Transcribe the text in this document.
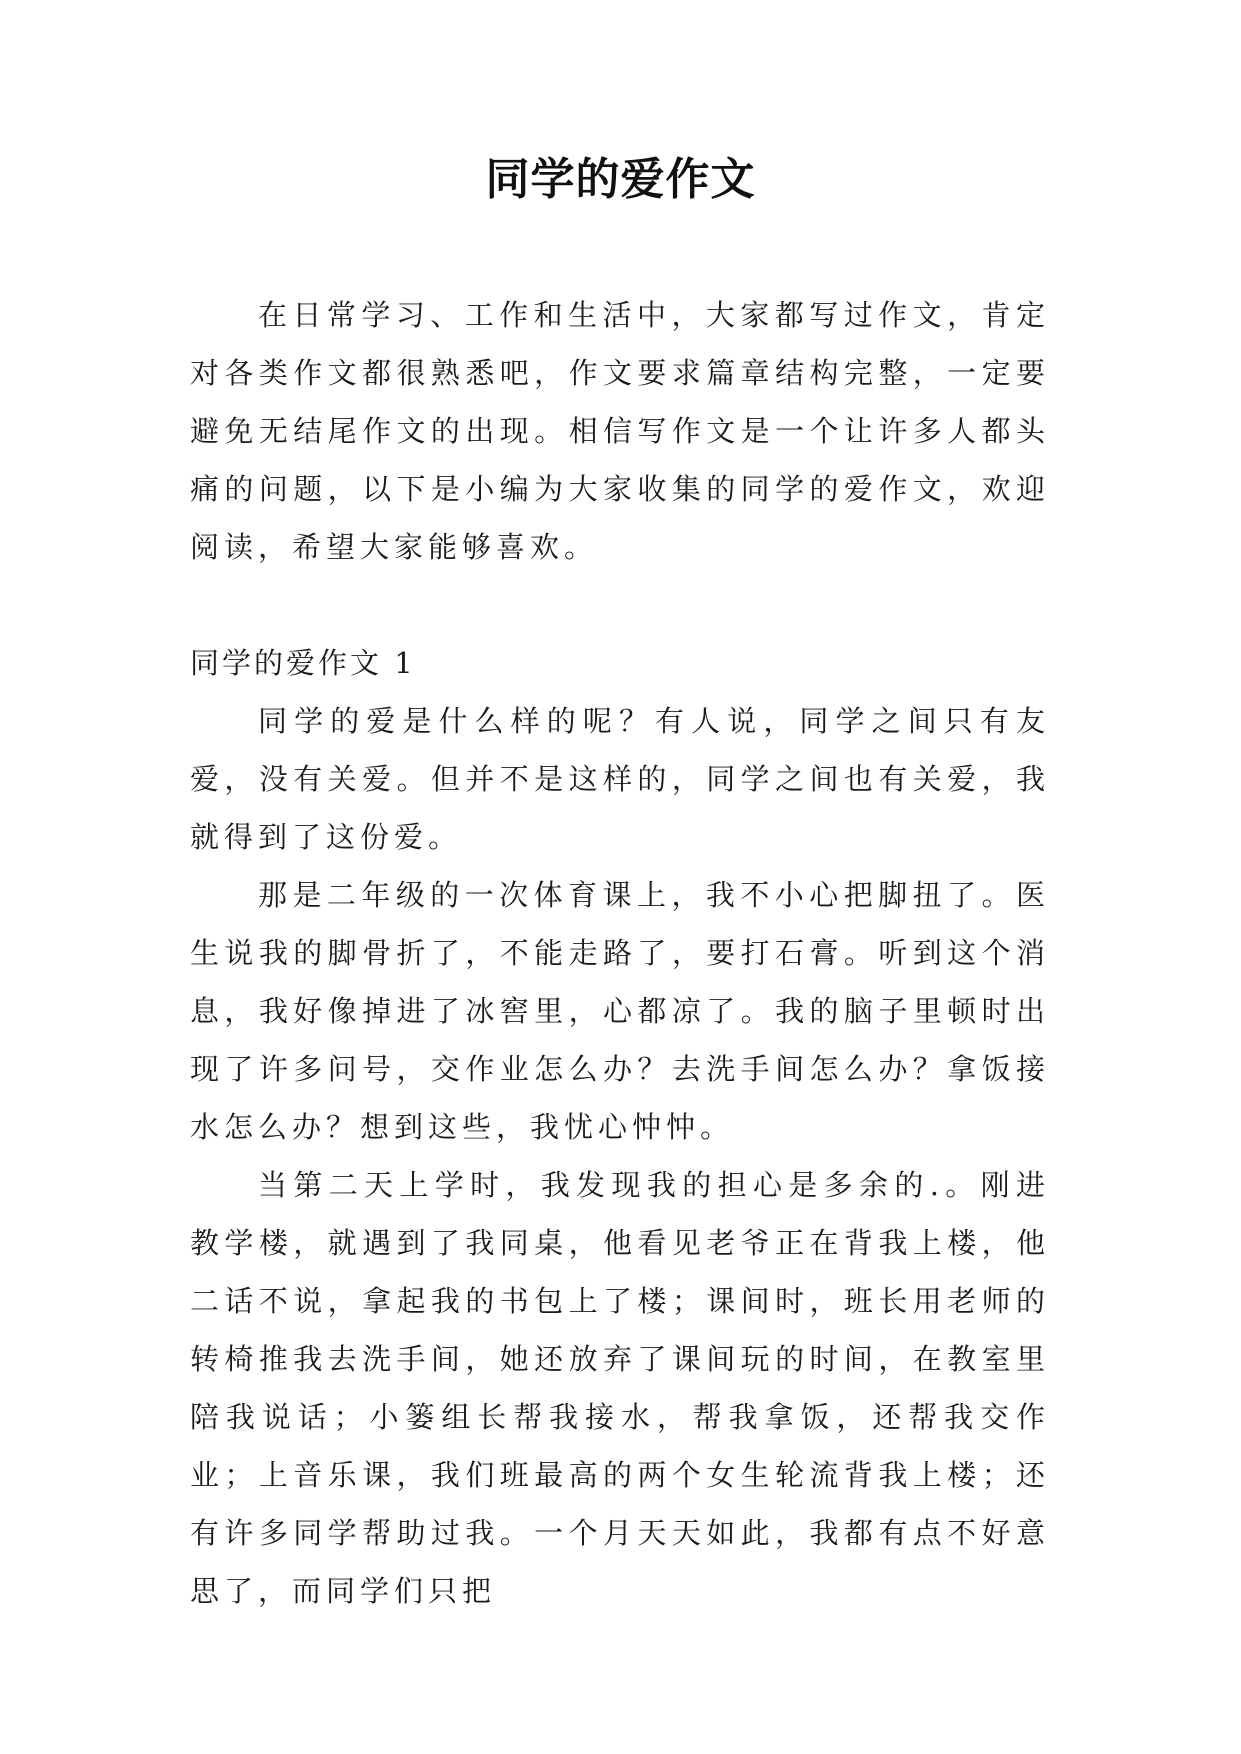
同学的爱作文

在日常学习、工作和生活中，大家都写过作文，肯定对各类作文都很熟悉吧，作文要求篇章结构完整，一定要避免无结尾作文的出现。相信写作文是一个让许多人都头痛的问题，以下是小编为大家收集的同学的爱作文，欢迎阅读，希望大家能够喜欢。

同学的爱作文 1

同学的爱是什么样的呢？有人说，同学之间只有友爱，没有关爱。但并不是这样的，同学之间也有关爱，我就得到了这份爱。

那是二年级的一次体育课上，我不小心把脚扭了。医生说我的脚骨折了，不能走路了，要打石膏。听到这个消息，我好像掉进了冰窖里，心都凉了。我的脑子里顿时出现了许多问号，交作业怎么办？去洗手间怎么办？拿饭接水怎么办？想到这些，我忧心忡忡。

当第二天上学时，我发现我的担心是多余的.。刚进教学楼，就遇到了我同桌，他看见老爷正在背我上楼，他二话不说，拿起我的书包上了楼；课间时，班长用老师的转椅推我去洗手间，她还放弃了课间玩的时间，在教室里陪我说话；小篓组长帮我接水，帮我拿饭，还帮我交作业；上音乐课，我们班最高的两个女生轮流背我上楼；还有许多同学帮助过我。一个月天天如此，我都有点不好意思了，而同学们只把
